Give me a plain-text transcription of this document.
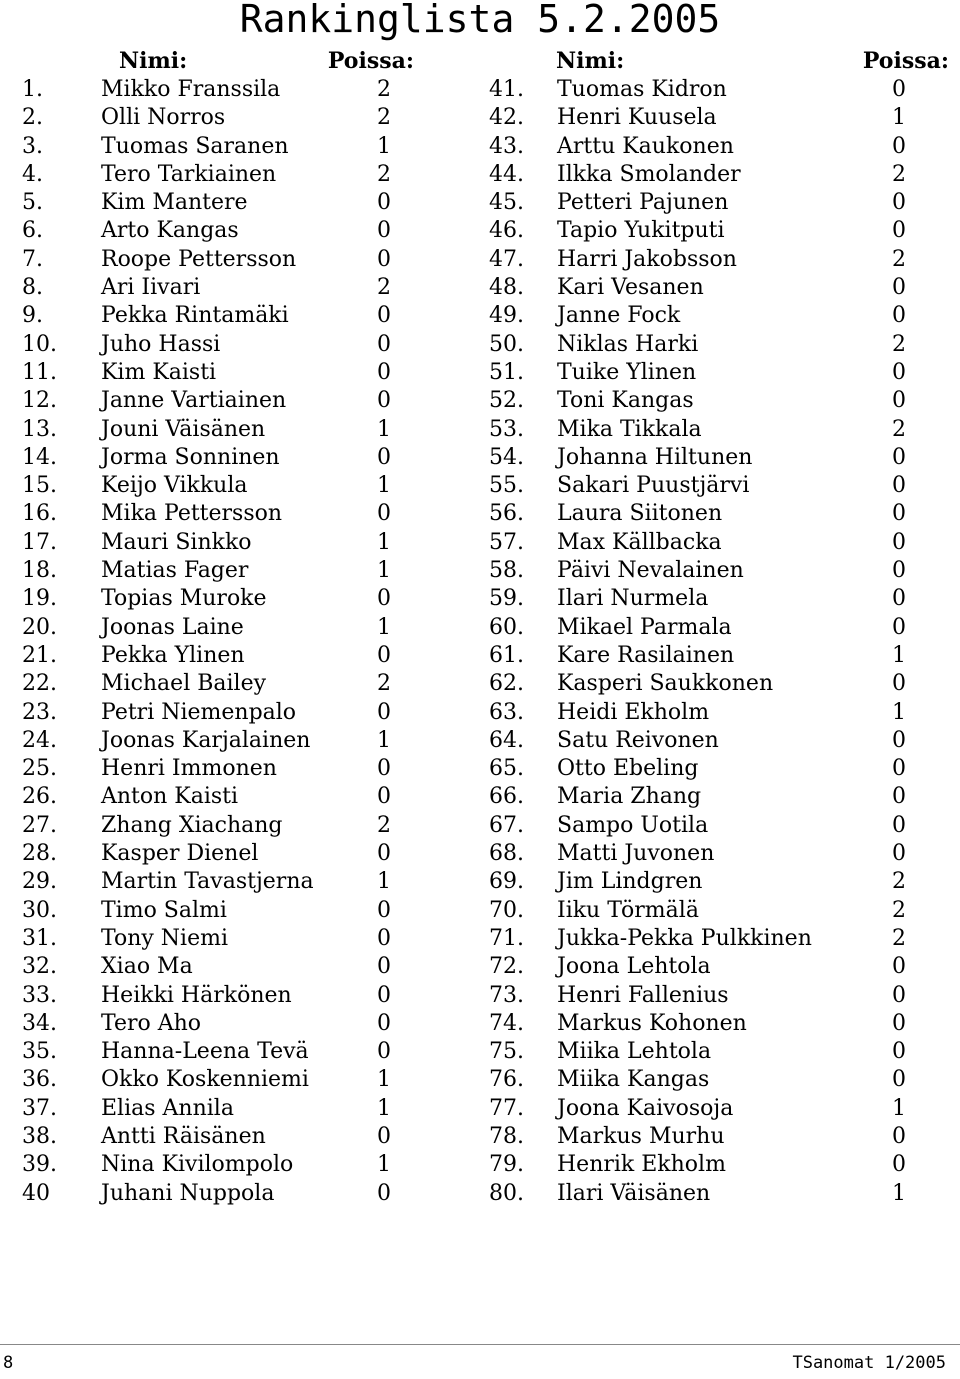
Rankinglista 5.2.2005
Nimi:	Poissa:
1.	Mikko Franssila	2
2.	Olli Norros	2
3.	Tuomas Saranen	1
4.	Tero Tarkiainen	2
5.	Kim Mantere	0
6.	Arto Kangas	0
7.	Roope Pettersson	0
8.	Ari Iivari	2
9.	Pekka Rintamäki	0
10. Juho Hassi	0
11. Kim Kaisti	0
12. Janne Vartiainen	0
13. Jouni Väisänen	1
14. Jorma Sonninen	0
15. Keijo Vikkula	1
16. Mika Pettersson	0
17. Mauri Sinkko	1
18. Matias Fager	1
19. Topias Muroke	0
20. Joonas Laine	1
21. Pekka Ylinen	0
22. Michael Bailey	2
23. Petri Niemenpalo	0
24. Joonas Karjalainen	1
25. Henri Immonen	0
26. Anton Kaisti	0
27. Zhang Xiachang	2
28. Kasper Dienel	0
29. Martin Tavastjerna	1
30. Timo Salmi	0
31. Tony Niemi	0
32. Xiao Ma	0
33. Heikki Härkönen	0
34. Tero Aho	0
35. Hanna-Leena Tevä	0
36. Okko Koskenniemi	1
37. Elias Annila	1
38. Antti Räisänen	0
39. Nina Kivilompolo	1
40 Juhani Nuppola	0
Nimi:	Poissa:
41. Tuomas Kidron	0
42. Henri Kuusela	1
43. Arttu Kaukonen	0
44. Ilkka Smolander	2
45. Petteri Pajunen	0
46. Tapio Yukitputi	0
47. Harri Jakobsson	2
48. Kari Vesanen	0
49. Janne Fock	0
50. Niklas Harki	2
51. Tuike Ylinen	0
52. Toni Kangas	0
53. Mika Tikkala	2
54. Johanna Hiltunen	0
55. Sakari Puustjärvi	0
56. Laura Siitonen	0
57. Max Källbacka	0
58. Päivi Nevalainen	0
59. Ilari Nurmela	0
60. Mikael Parmala	0
61. Kare Rasilainen	1
62. Kasperi Saukkonen	0
63. Heidi Ekholm	1
64. Satu Reivonen	0
65. Otto Ebeling	0
66. Maria Zhang	0
67. Sampo Uotila	0
68. Matti Juvonen	0
69. Jim Lindgren	2
70. Iiku Törmälä	2
71. Jukka-Pekka Pulkkinen	2
72. Joona Lehtola	0
73. Henri Fallenius	0
74. Markus Kohonen	0
75. Miika Lehtola	0
76. Miika Kangas	0
77. Joona Kaivosoja	1
78. Markus Murhu	0
79. Henrik Ekholm	0
80. Ilari Väisänen	1
8	TSanomat 1/2005
